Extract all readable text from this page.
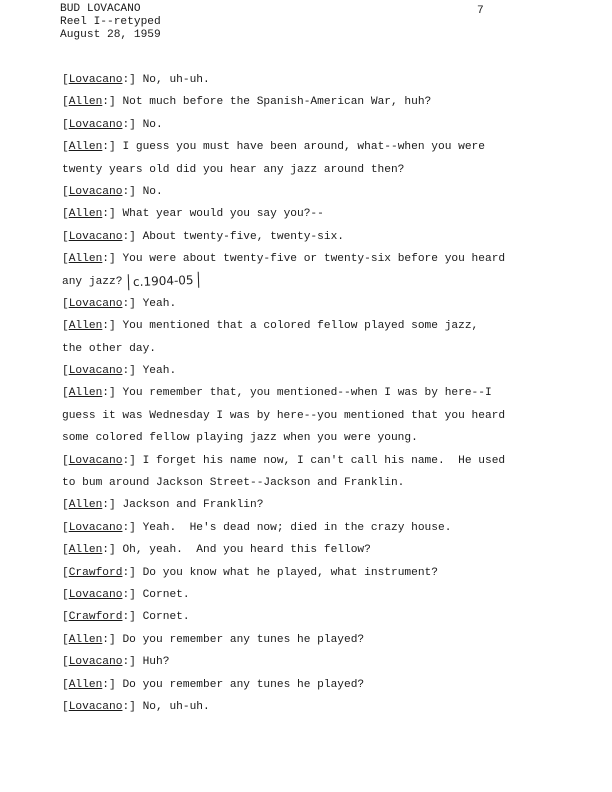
BUD LOVACANO
Reel I--retyped
August 28, 1959
7
[Lovacano:] No, uh-uh.
[Allen:] Not much before the Spanish-American War, huh?
[Lovacano:] No.
[Allen:] I guess you must have been around, what--when you were
twenty years old did you hear any jazz around then?
[Lovacano:] No.
[Allen:] What year would you say you?--
[Lovacano:] About twenty-five, twenty-six.
[Allen:] You were about twenty-five or twenty-six before you heard
any jazz? c.1904-05
[Lovacano:] Yeah.
[Allen:] You mentioned that a colored fellow played some jazz,
the other day.
[Lovacano:] Yeah.
[Allen:] You remember that, you mentioned--when I was by here--I
guess it was Wednesday I was by here--you mentioned that you heard
some colored fellow playing jazz when you were young.
[Lovacano:] I forget his name now, I can't call his name.  He used
to bum around Jackson Street--Jackson and Franklin.
[Allen:] Jackson and Franklin?
[Lovacano:] Yeah.  He's dead now; died in the crazy house.
[Allen:] Oh, yeah.  And you heard this fellow?
[Crawford:] Do you know what he played, what instrument?
[Lovacano:] Cornet.
[Crawford:] Cornet.
[Allen:] Do you remember any tunes he played?
[Lovacano:] Huh?
[Allen:] Do you remember any tunes he played?
[Lovacano:] No, uh-uh.
